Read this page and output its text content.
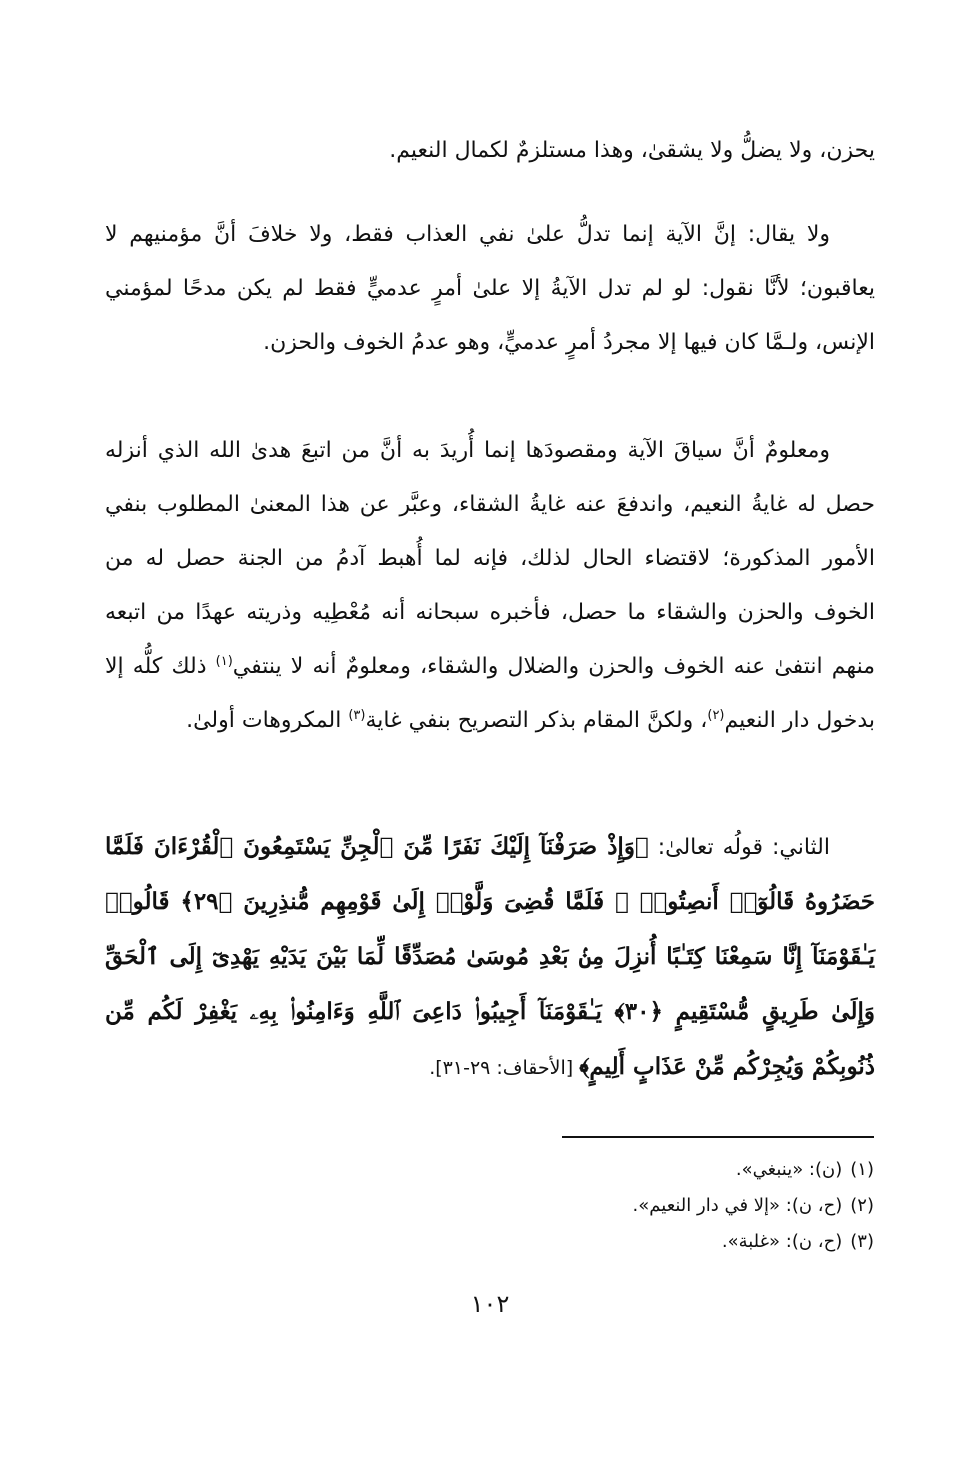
يحزن، ولا يضلُّ ولا يشقىٰ، وهذا مستلزمٌ لكمال النعيم.

ولا يقال: إنَّ الآية إنما تدلُّ علىٰ نفي العذاب فقط، ولا خلافَ أنَّ مؤمنيهم لا يعاقبون؛ لأنَّا نقول: لو لم تدل الآيةُ إلا علىٰ أمرٍ عدميٍّ فقط لم يكن مدحًا لمؤمني الإنس، ولـمَّا كان فيها إلا مجردُ أمرٍ عدميٍّ، وهو عدمُ الخوف والحزن.

ومعلومٌ أنَّ سياقَ الآية ومقصودَها إنما أُريدَ به أنَّ من اتبعَ هدىٰ الله الذي أنزله حصل له غايةُ النعيم، واندفعَ عنه غايةُ الشقاء، وعبَّر عن هذا المعنىٰ المطلوب بنفي الأمور المذكورة؛ لاقتضاء الحال لذلك، فإنه لما أُهبط آدمُ من الجنة حصل له من الخوف والحزن والشقاء ما حصل، فأخبره سبحانه أنه مُعْطِيه وذريته عهدًا من اتبعه منهم انتفىٰ عنه الخوف والحزن والضلال والشقاء، ومعلومٌ أنه لا ينتفي$^{(١)}$ ذلك كلُّه إلا بدخول دار النعيم$^{(٢)}$، ولكنَّ المقام بذكر التصريح بنفي غاية$^{(٣)}$ المكروهات أولىٰ.

الثاني: قولُه تعالىٰ: ﴿وَإِذْ صَرَفْنَآ إِلَيْكَ نَفَرًا مِّنَ ٱلْجِنِّ يَسْتَمِعُونَ ٱلْقُرْءَانَ فَلَمَّا حَضَرُوهُ قَالُوٓا۟ أَنصِتُوا۟ ۖ فَلَمَّا قُضِىَ وَلَّوْا۟ إِلَىٰ قَوْمِهِم مُّنذِرِينَ ﴿٢٩﴾ قَالُوا۟ يَـٰقَوْمَنَآ إِنَّا سَمِعْنَا كِتَـٰبًا أُنزِلَ مِنۢ بَعْدِ مُوسَىٰ مُصَدِّقًا لِّمَا بَيْنَ يَدَيْهِ يَهْدِىٓ إِلَى ٱلْحَقِّ وَإِلَىٰ طَرِيقٍ مُّسْتَقِيمٍ ﴿٣٠﴾ يَـٰقَوْمَنَآ أَجِيبُوا۟ دَاعِىَ ٱللَّهِ وَءَامِنُوا۟ بِهِۦ يَغْفِرْ لَكُم مِّن ذُنُوبِكُمْ وَيُجِرْكُم مِّنْ عَذَابٍ أَلِيمٍ﴾ [الأحقاف: ٢٩-٣١].

(١)(ن): «ينبغي».
(٢)(ح، ن): «إلا في دار النعيم».
(٣)(ح، ن): «غلبة».
١٠٢
